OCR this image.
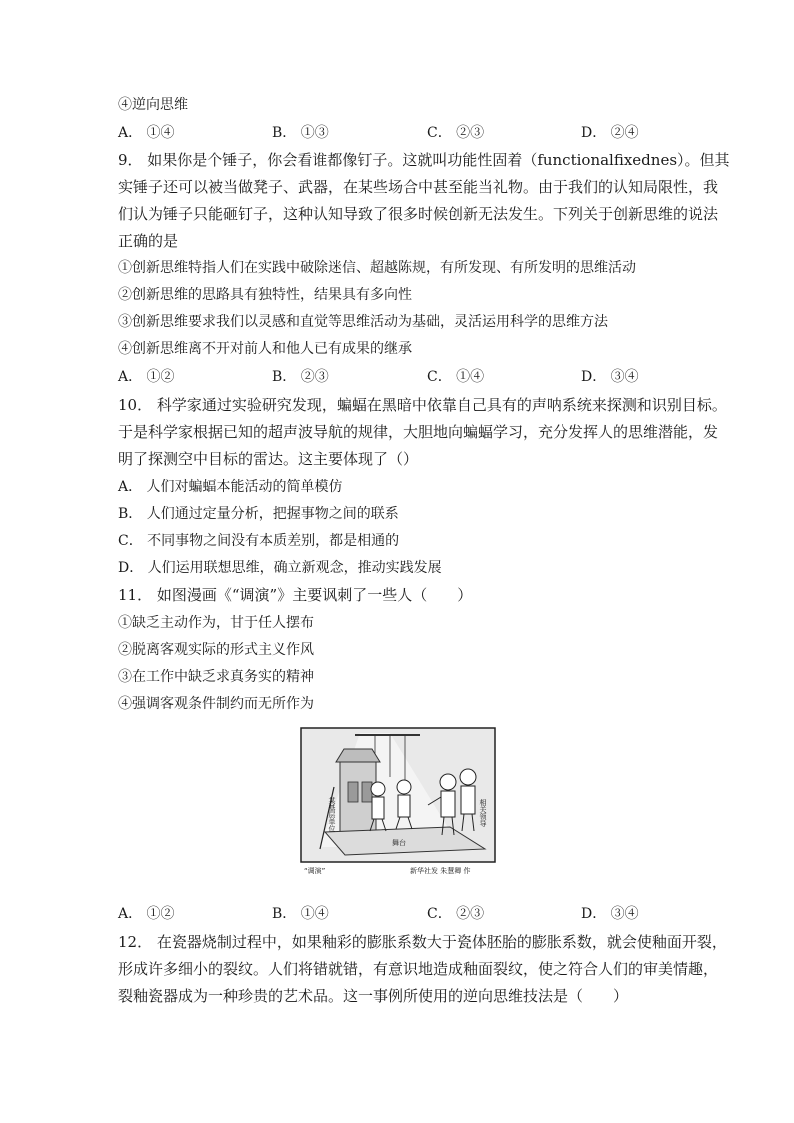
④逆向思维
A． ①④	B． ①③	C． ②③	D． ②④
9． 如果你是个锤子，你会看谁都像钉子。这就叫功能性固着（functionalfixednes）。但其
实锤子还可以被当做凳子、武器，在某些场合中甚至能当礼物。由于我们的认知局限性，我
们认为锤子只能砸钉子，这种认知导致了很多时候创新无法发生。下列关于创新思维的说法
正确的是
①创新思维特指人们在实践中破除迷信、超越陈规，有所发现、有所发明的思维活动
②创新思维的思路具有独特性，结果具有多向性
③创新思维要求我们以灵感和直觉等思维活动为基础，灵活运用科学的思维方法
④创新思维离不开对前人和他人已有成果的继承
A． ①②	B． ②③	C． ①④	D． ③④
10． 科学家通过实验研究发现，蝙蝠在黑暗中依靠自己具有的声呐系统来探测和识别目标。
于是科学家根据已知的超声波导航的规律，大胆地向蝙蝠学习，充分发挥人的思维潜能，发
明了探测空中目标的雷达。这主要体现了（）
A． 人们对蝙蝠本能活动的简单模仿
B． 人们通过定量分析，把握事物之间的联系
C． 不同事物之间没有本质差别，都是相通的
D． 人们运用联想思维，确立新观念，推动实践发展
11． 如图漫画《“调演”》主要讽刺了一些人（　　）
①缺乏主动作为，甘于任人摆布
②脱离客观实际的形式主义作风
③在工作中缺乏求真务实的精神
④强调客观条件制约而无所作为
某基层单位	相关领导
舞台
“调演”	新华社发 朱慧卿 作
A． ①②	B． ①④	C． ②③	D． ③④
12． 在瓷器烧制过程中，如果釉彩的膨胀系数大于瓷体胚胎的膨胀系数，就会使釉面开裂，
形成许多细小的裂纹。人们将错就错，有意识地造成釉面裂纹，使之符合人们的审美情趣，
裂釉瓷器成为一种珍贵的艺术品。这一事例所使用的逆向思维技法是（　　）
